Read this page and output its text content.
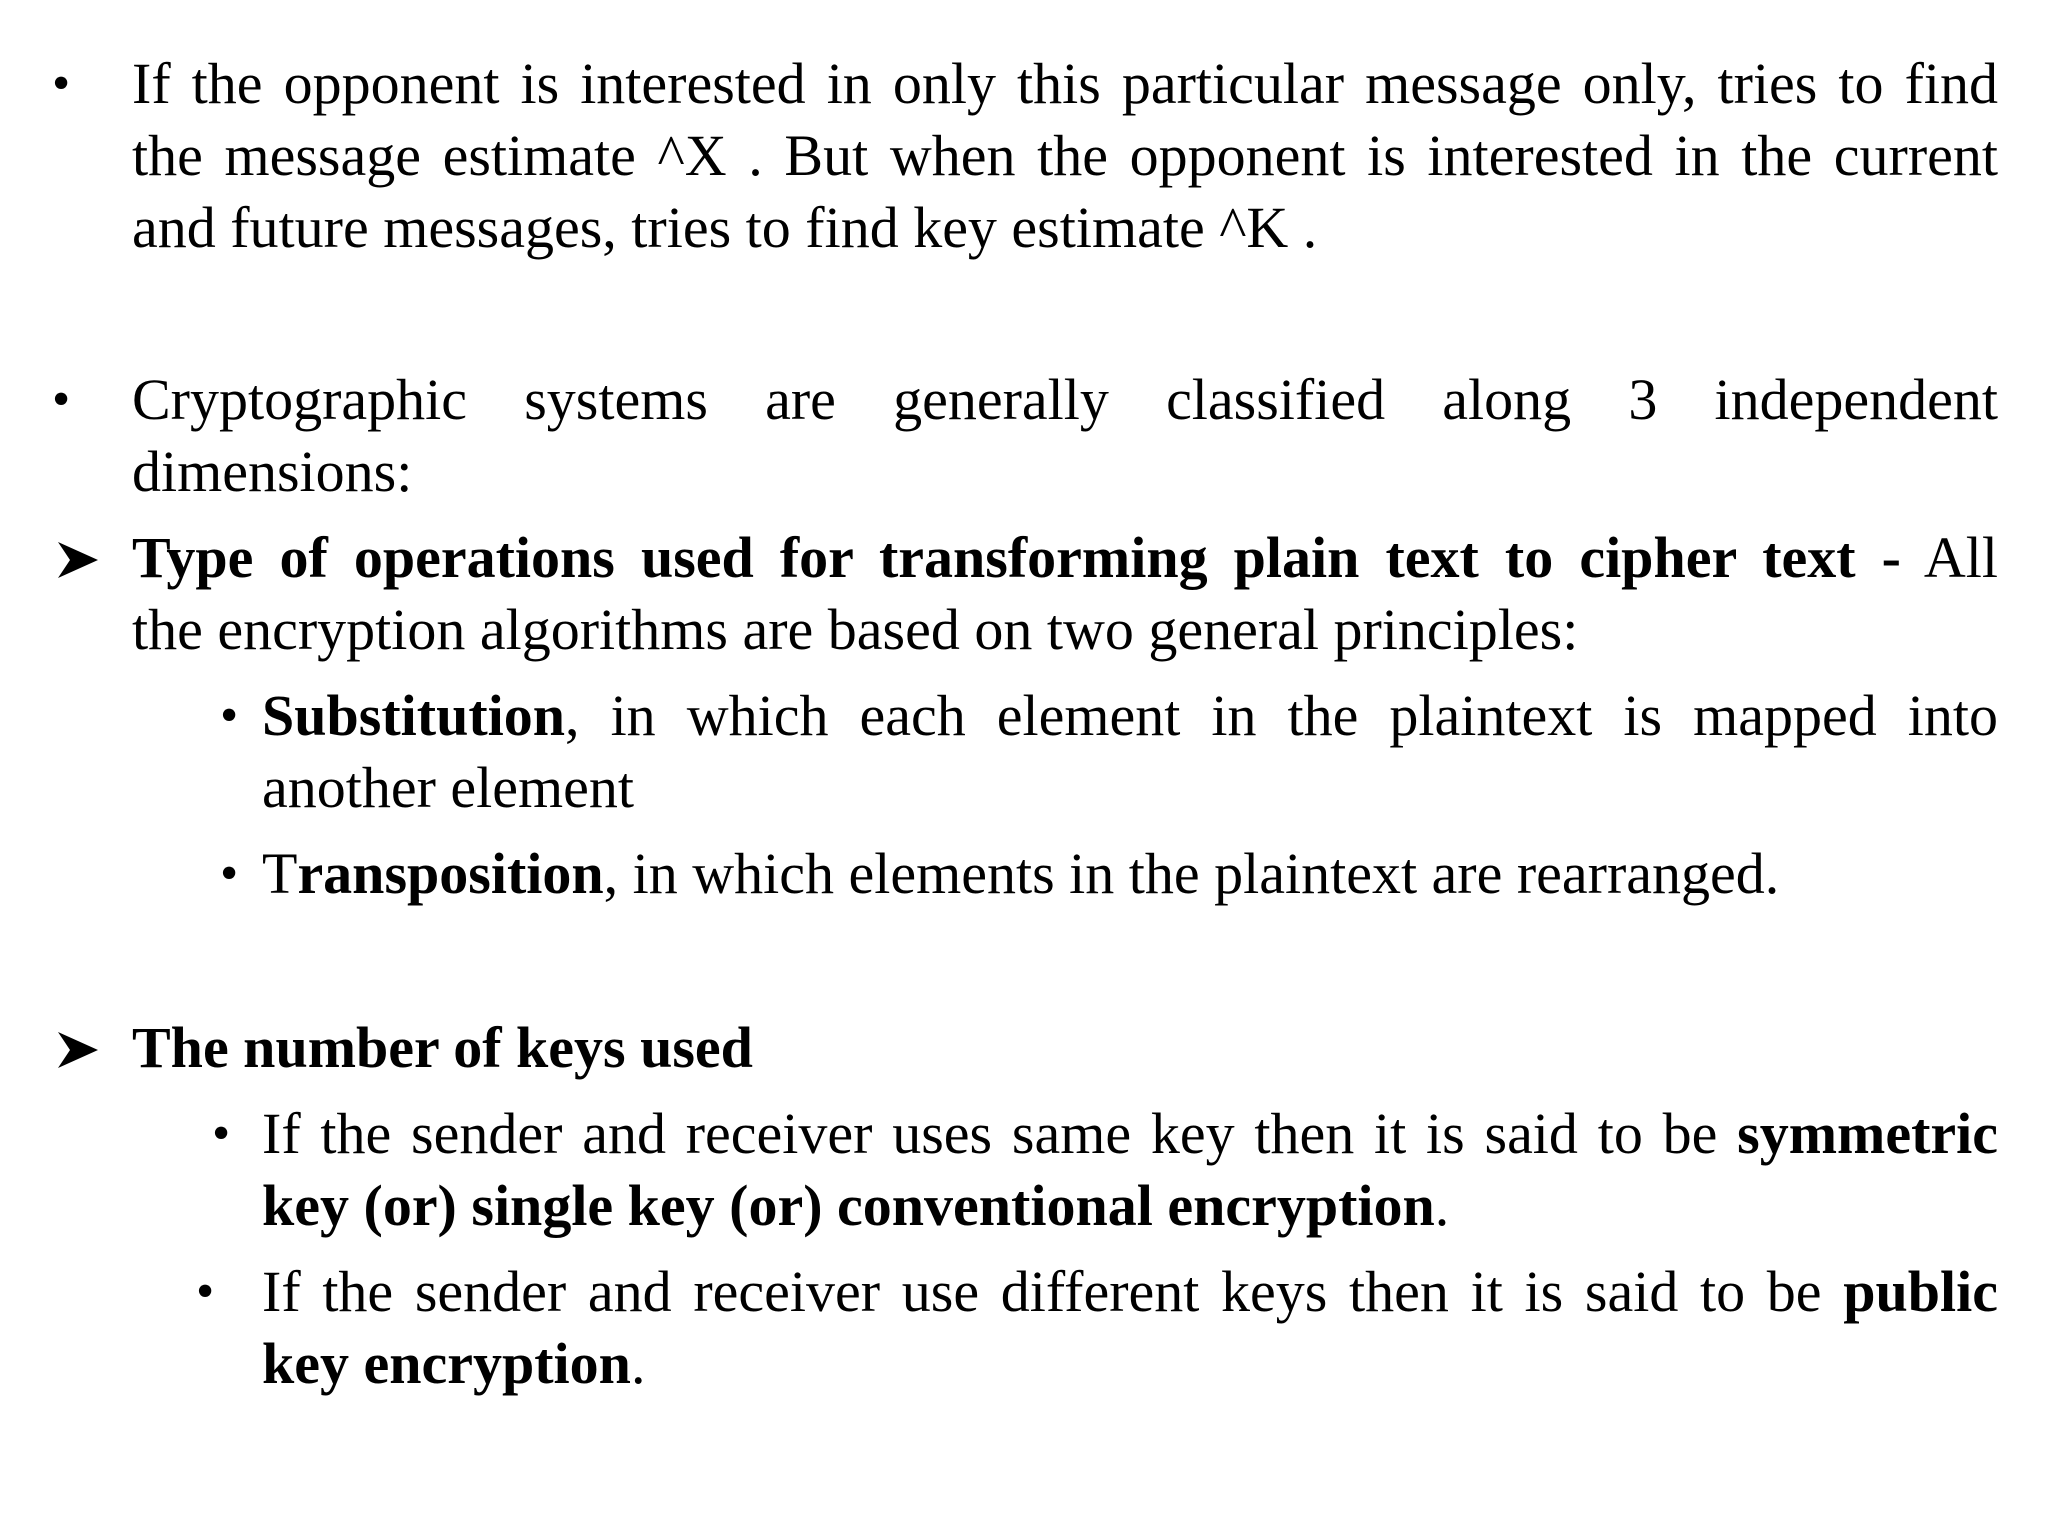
• If the opponent is interested in only this particular message only, tries to find
the message estimate ^X . But when the opponent is interested in the current
and future messages, tries to find key estimate ^K .
• Cryptographic systems are generally classified along 3 independent
dimensions:
Type of operations used for transforming plain text to cipher text - All
the encryption algorithms are based on two general principles:
• Substitution, in which each element in the plaintext is mapped into
another element
• Transposition, in which elements in the plaintext are rearranged.
The number of keys used
• If the sender and receiver uses same key then it is said to be symmetric
key (or) single key (or) conventional encryption.
• If the sender and receiver use different keys then it is said to be public
key encryption.
